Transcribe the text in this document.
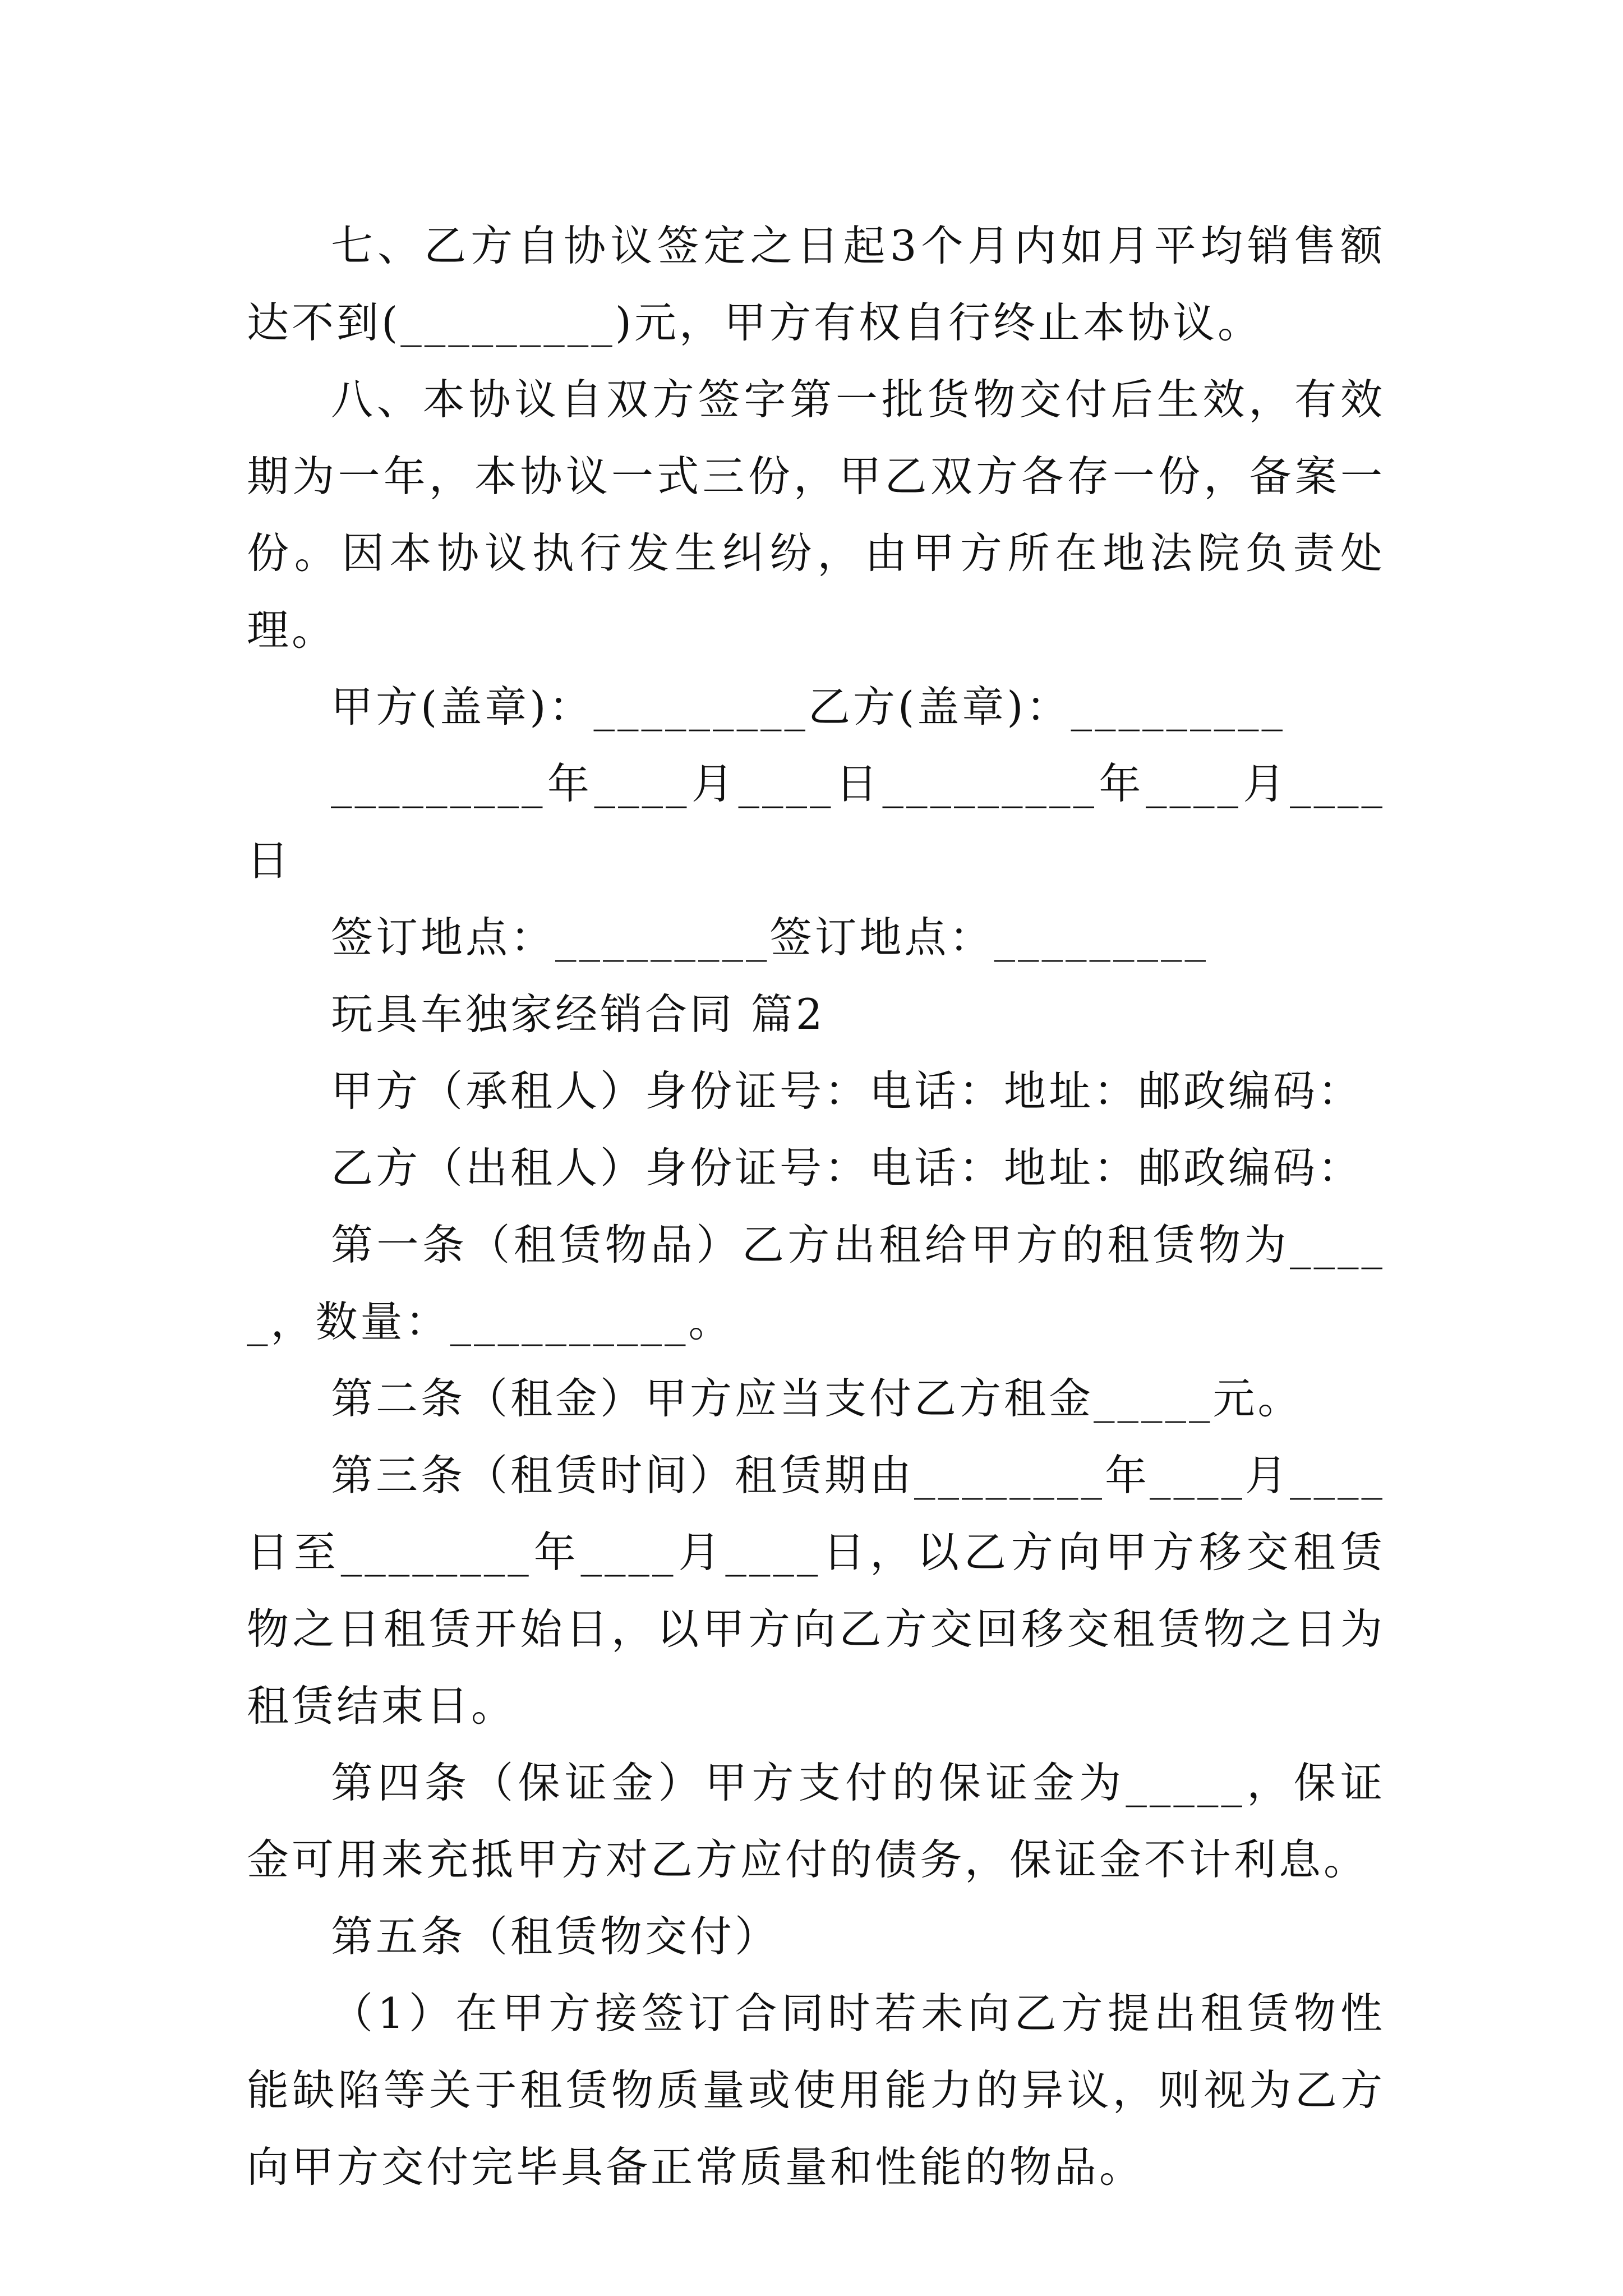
七、乙方自协议签定之日起3个月内如月平均销售额达不到(_________)元，甲方有权自行终止本协议。

八、本协议自双方签字第一批货物交付后生效，有效期为一年，本协议一式三份，甲乙双方各存一份，备案一份。因本协议执行发生纠纷，由甲方所在地法院负责处理。

甲方(盖章)：_________乙方(盖章)：_________

_________年____月____日_________年____月____日

签订地点：_________签订地点：_________

玩具车独家经销合同 篇2

甲方（承租人）身份证号：电话：地址：邮政编码：

乙方（出租人）身份证号：电话：地址：邮政编码：

第一条（租赁物品）乙方出租给甲方的租赁物为_____，数量：__________。

第二条（租金）甲方应当支付乙方租金_____元。

第三条（租赁时间）租赁期由________年____月____日至________年____月____日，以乙方向甲方移交租赁物之日租赁开始日，以甲方向乙方交回移交租赁物之日为租赁结束日。

第四条（保证金）甲方支付的保证金为_____，保证金可用来充抵甲方对乙方应付的债务，保证金不计利息。

第五条（租赁物交付）

（1）在甲方接签订合同时若未向乙方提出租赁物性能缺陷等关于租赁物质量或使用能力的异议，则视为乙方向甲方交付完毕具备正常质量和性能的物品。
